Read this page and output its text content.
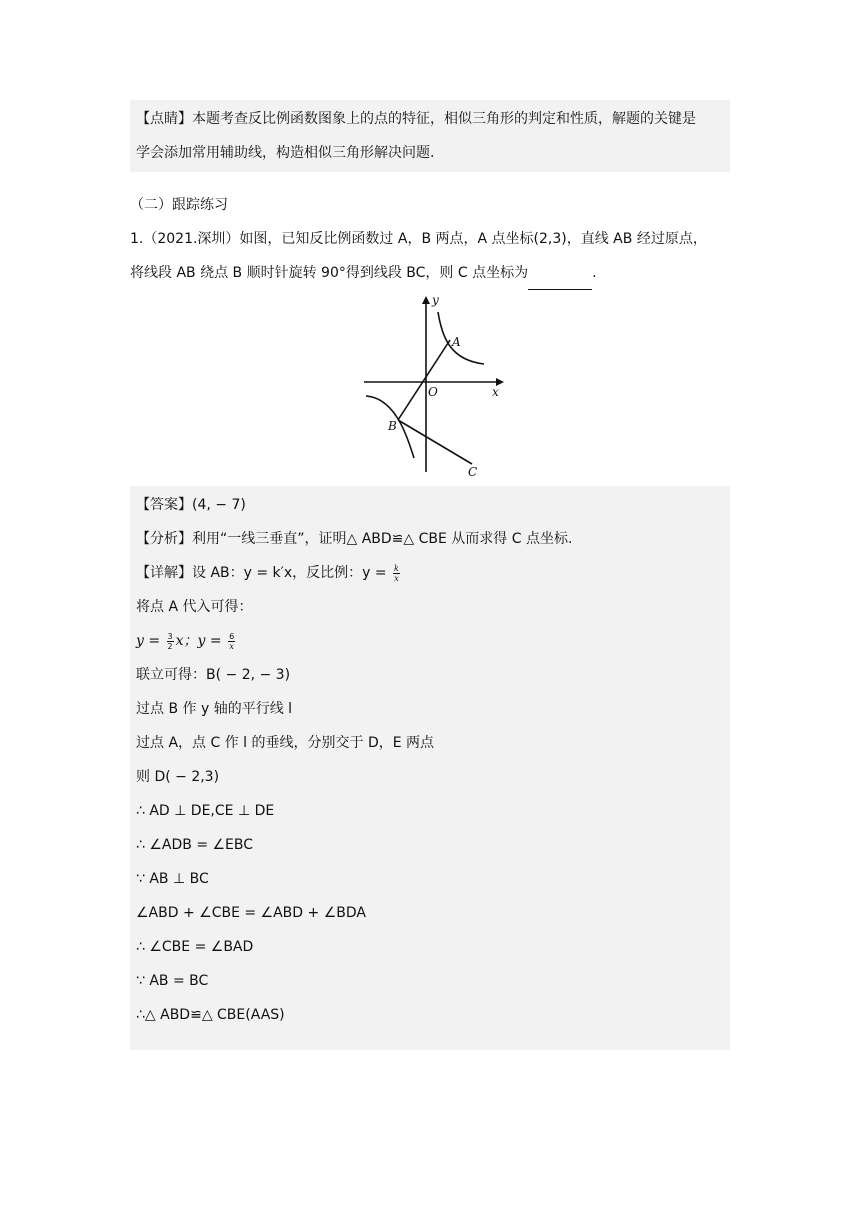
【点睛】本题考查反比例函数图象上的点的特征，相似三角形的判定和性质，解题的关键是
学会添加常用辅助线，构造相似三角形解决问题.
（二）跟踪练习
1.（2021.深圳）如图，已知反比例函数过 A，B 两点，A 点坐标(2,3)，直线 AB 经过原点，
将线段 AB 绕点 B 顺时针旋转 90°得到线段 BC，则 C 点坐标为	.
y
x
O
A
B
C
【答案】(4, − 7)
【分析】利用“一线三垂直”，证明△ ABD≌△ CBE 从而求得 C 点坐标.
【详解】设 AB：y = k′x，反比例：$y = \frac{k}{x}$
将点 A 代入可得：
$y = \frac{3}{2}$ x；$y = \frac{6}{x}$
联立可得：B( − 2, − 3)
过点 B 作 y 轴的平行线 l
过点 A，点 C 作 l 的垂线，分别交于 D，E 两点
则 D( − 2,3)
∴ AD ⊥ DE,CE ⊥ DE
∴ ∠ADB = ∠EBC
∵ AB ⊥ BC
∠ABD + ∠CBE = ∠ABD + ∠BDA
∴ ∠CBE = ∠BAD
∵ AB = BC
∴△ ABD≌△ CBE(AAS)
